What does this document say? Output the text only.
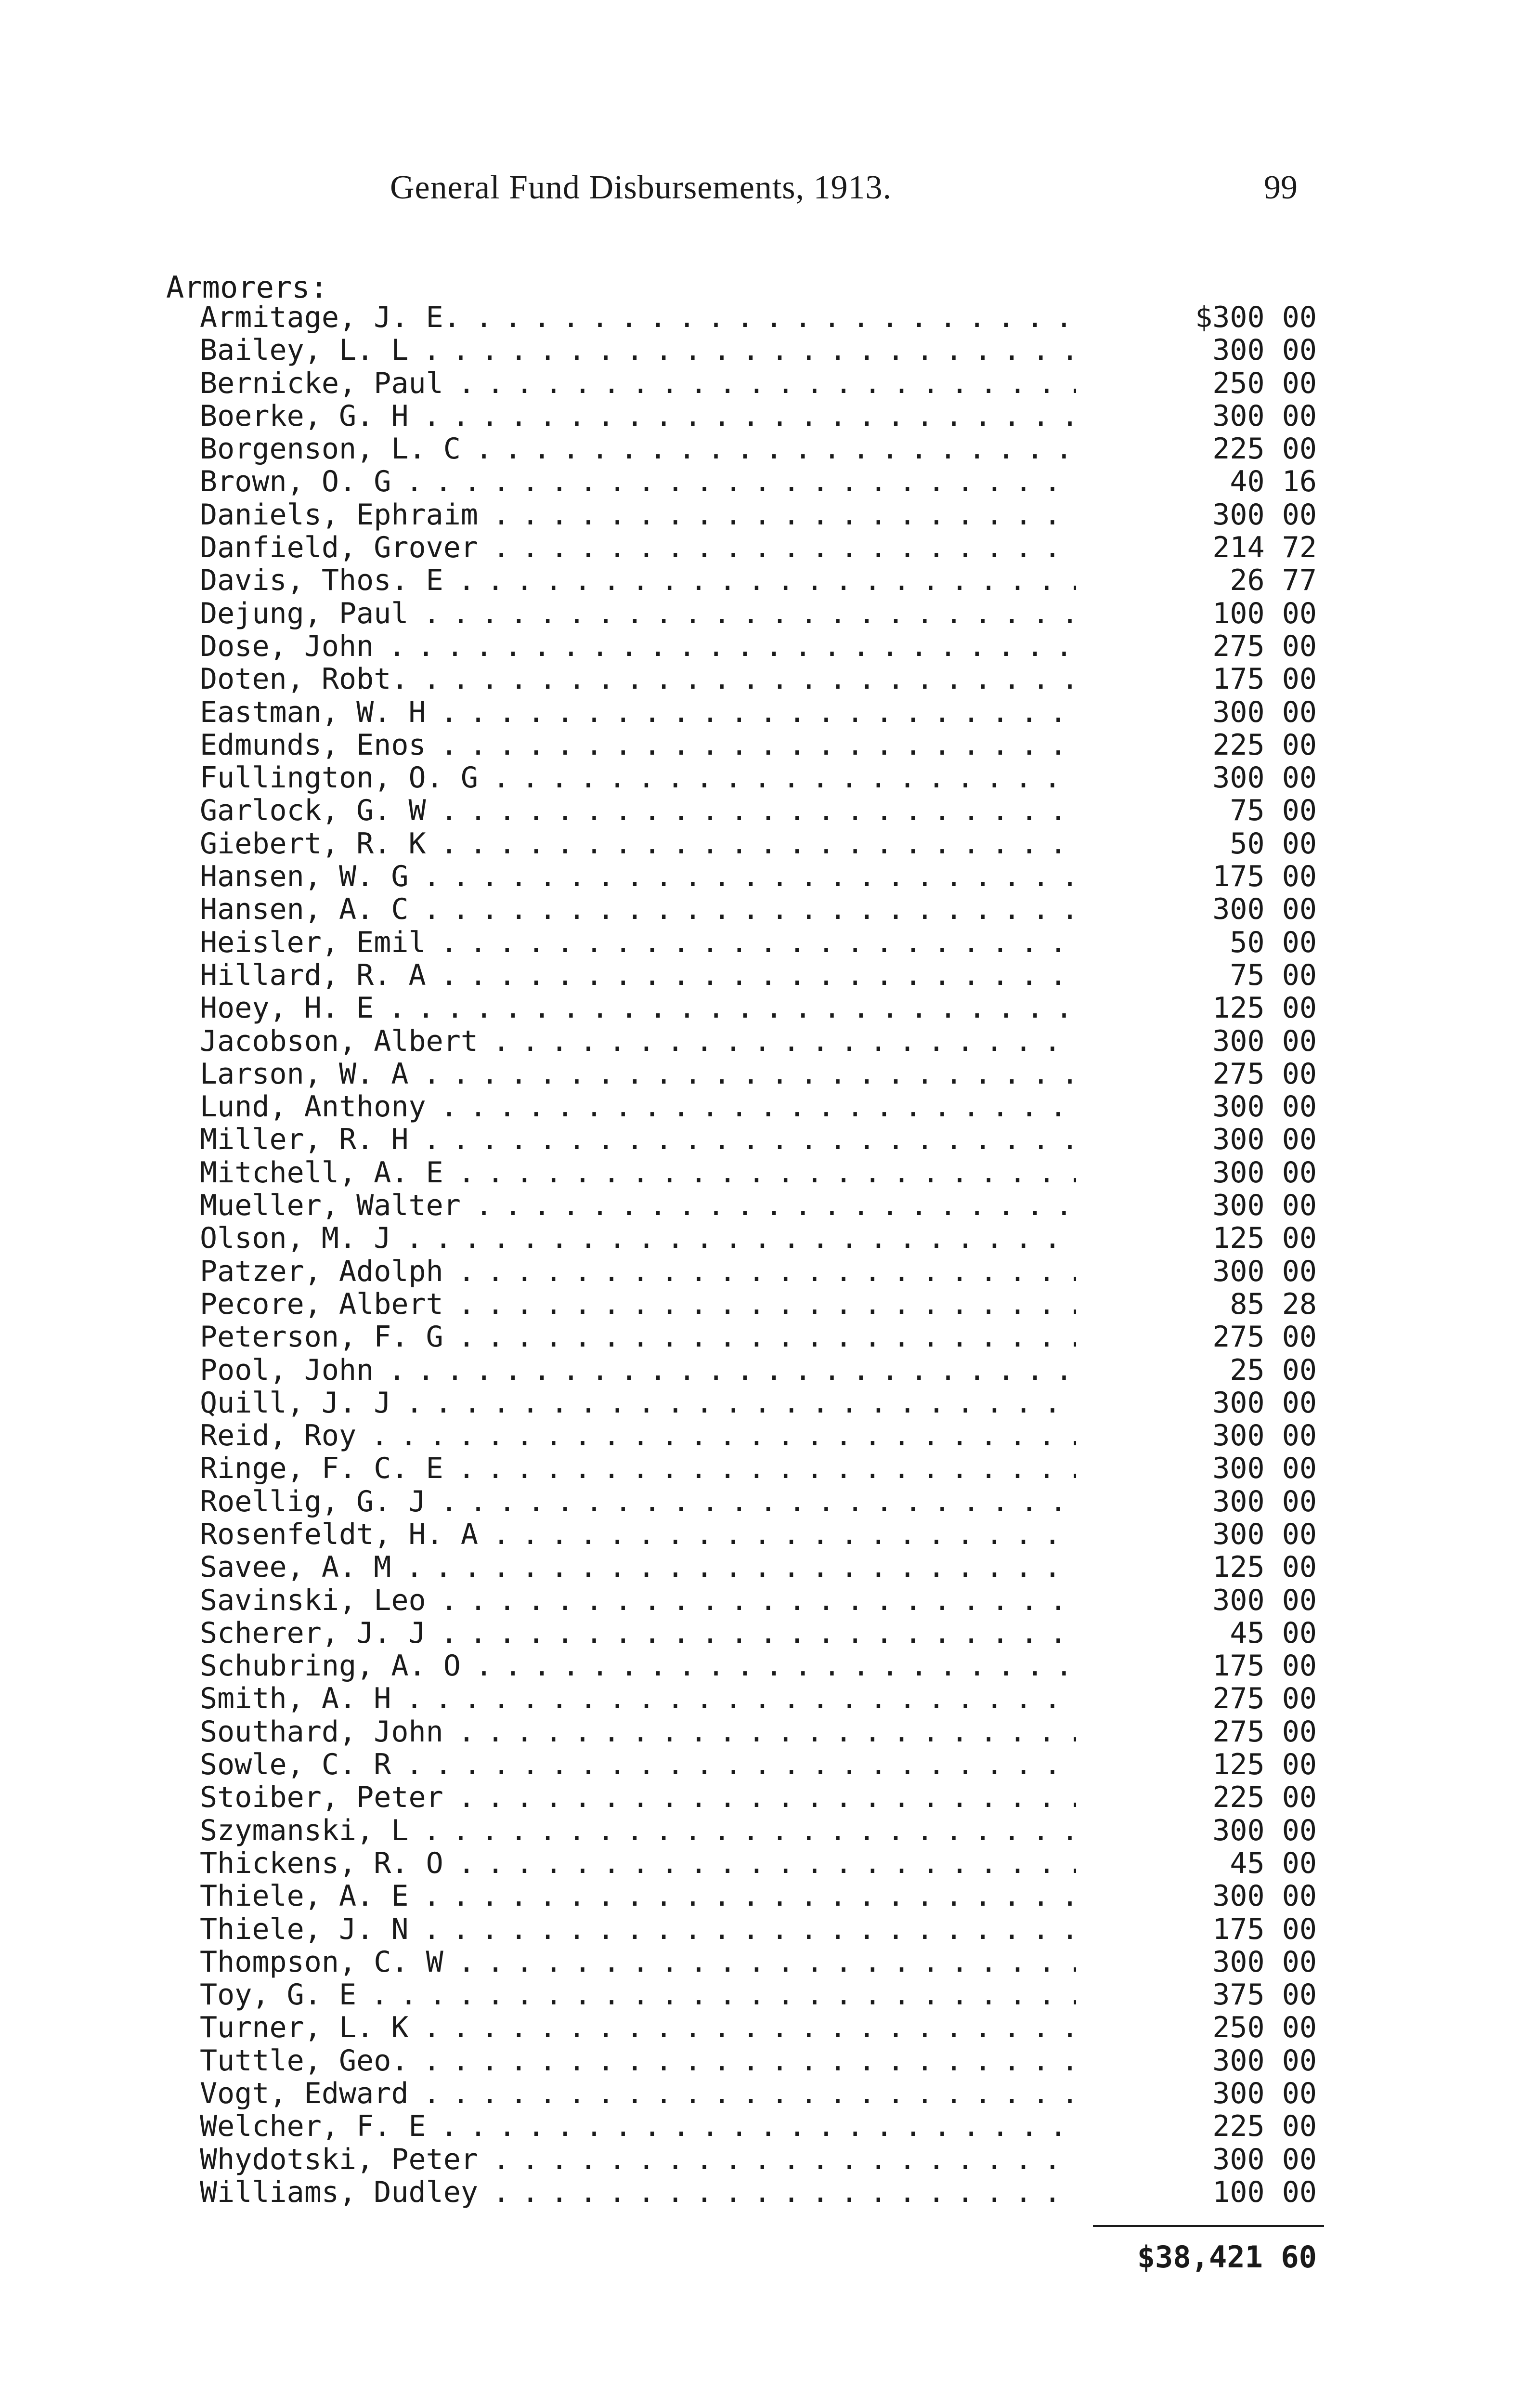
General Fund Disbursements, 1913.	99
Armorers:
Armitage, J. E. . . .	$300 00
Bailey, L. L . . .	300 00
Bernicke, Paul . . .	250 00
Boerke, G. H . . .	300 00
Borgenson, L. C . . .	225 00
Brown, O. G . . .	40 16
Daniels, Ephraim . . .	300 00
Danfield, Grover . . .	214 72
Davis, Thos. E . . .	26 77
Dejung, Paul . . .	100 00
Dose, John . . .	275 00
Doten, Robt. . . .	175 00
Eastman, W. H . . .	300 00
Edmunds, Enos . . .	225 00
Fullington, O. G . . .	300 00
Garlock, G. W . . .	75 00
Giebert, R. K . . .	50 00
Hansen, W. G . . .	175 00
Hansen, A. C . . .	300 00
Heisler, Emil . . .	50 00
Hillard, R. A . . .	75 00
Hoey, H. E . . .	125 00
Jacobson, Albert . . .	300 00
Larson, W. A . . .	275 00
Lund, Anthony . . .	300 00
Miller, R. H . . .	300 00
Mitchell, A. E . . .	300 00
Mueller, Walter . . .	300 00
Olson, M. J . . .	125 00
Patzer, Adolph . . .	300 00
Pecore, Albert . . .	85 28
Peterson, F. G . . .	275 00
Pool, John . . .	25 00
Quill, J. J . . .	300 00
Reid, Roy . . .	300 00
Ringe, F. C. E . . .	300 00
Roellig, G. J . . .	300 00
Rosenfeldt, H. A . . .	300 00
Savee, A. M . . .	125 00
Savinski, Leo . . .	300 00
Scherer, J. J . . .	45 00
Schubring, A. O . . .	175 00
Smith, A. H . . .	275 00
Southard, John . . .	275 00
Sowle, C. R . . .	125 00
Stoiber, Peter . . .	225 00
Szymanski, L . . .	300 00
Thickens, R. O . . .	45 00
Thiele, A. E . . .	300 00
Thiele, J. N . . .	175 00
Thompson, C. W . . .	300 00
Toy, G. E . . .	375 00
Turner, L. K . . .	250 00
Tuttle, Geo. . . .	300 00
Vogt, Edward . . .	300 00
Welcher, F. E . . .	225 00
Whydotski, Peter . . .	300 00
Williams, Dudley . . .	100 00
$38,421 60
